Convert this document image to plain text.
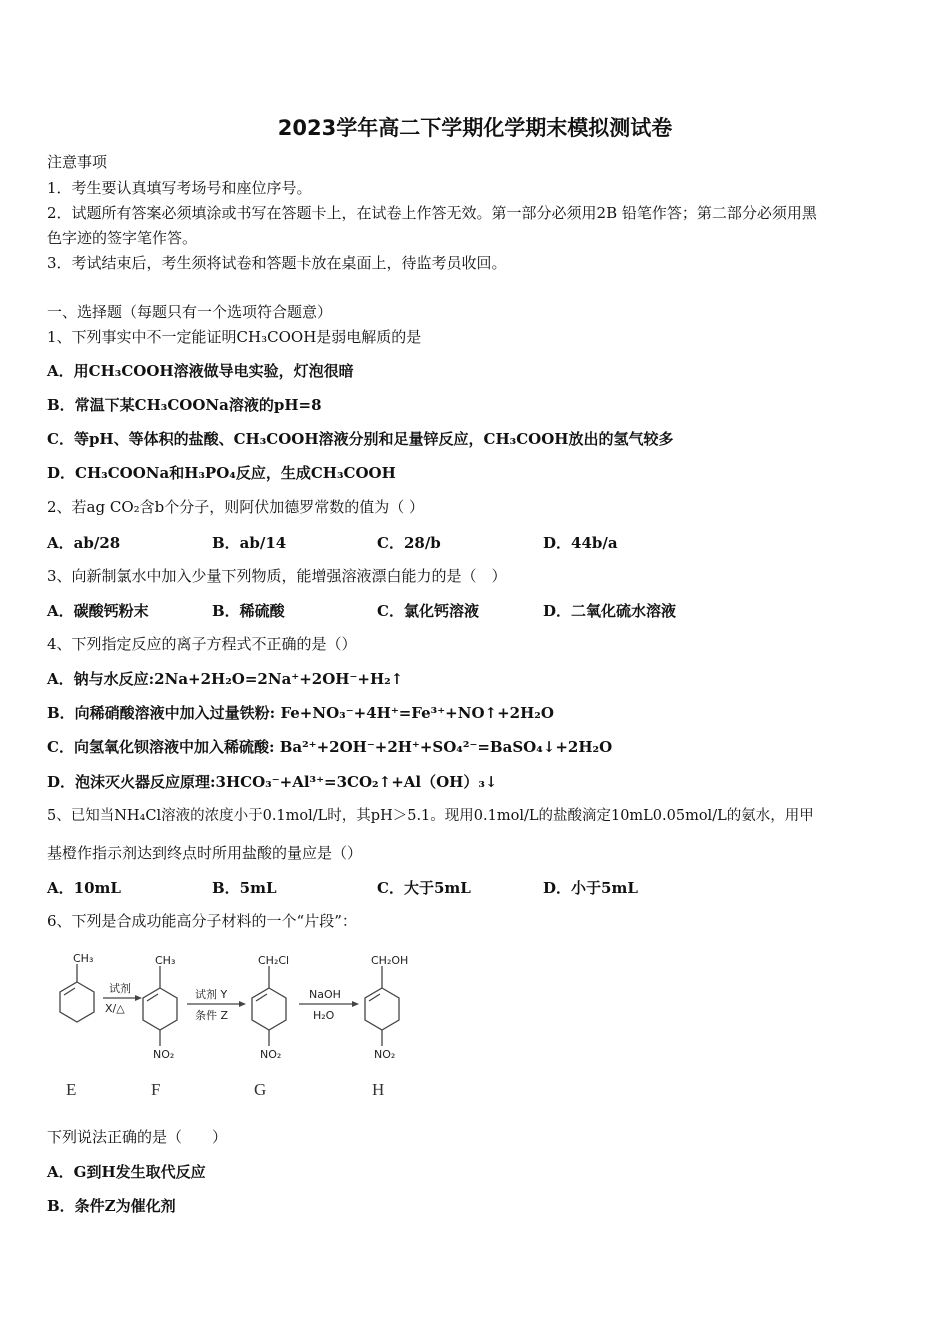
2023学年高二下学期化学期末模拟测试卷
注意事项
1．考生要认真填写考场号和座位序号。
2．试题所有答案必须填涂或书写在答题卡上，在试卷上作答无效。第一部分必须用2B 铅笔作答；第二部分必须用黑
色字迹的签字笔作答。
3．考试结束后，考生须将试卷和答题卡放在桌面上，待监考员收回。
一、选择题（每题只有一个选项符合题意）
1、下列事实中不一定能证明CH₃COOH是弱电解质的是
A．用CH₃COOH溶液做导电实验，灯泡很暗
B．常温下某CH₃COONa溶液的pH=8
C．等pH、等体积的盐酸、CH₃COOH溶液分别和足量锌反应，CH₃COOH放出的氢气较多
D．CH₃COONa和H₃PO₄反应，生成CH₃COOH
2、若ag CO₂含b个分子，则阿伏加德罗常数的值为（ ）
A．ab/28	B．ab/14	C．28/b	D．44b/a
3、向新制氯水中加入少量下列物质，能增强溶液漂白能力的是（　）
A．碳酸钙粉末	B．稀硫酸	C．氯化钙溶液	D．二氧化硫水溶液
4、下列指定反应的离子方程式不正确的是（）
A．钠与水反应:2Na+2H₂O=2Na⁺+2OH⁻+H₂↑
B．向稀硝酸溶液中加入过量铁粉: Fe+NO₃⁻+4H⁺=Fe³⁺+NO↑+2H₂O
C．向氢氧化钡溶液中加入稀硫酸: Ba²⁺+2OH⁻+2H⁺+SO₄²⁻=BaSO₄↓+2H₂O
D．泡沫灭火器反应原理:3HCO₃⁻+Al³⁺=3CO₂↑+Al（OH）₃↓
5、已知当NH₄Cl溶液的浓度小于0.1mol/L时，其pH＞5.1。现用0.1mol/L的盐酸滴定10mL0.05mol/L的氨水，用甲
基橙作指示剂达到终点时所用盐酸的量应是（）
A．10mL	B．5mL	C．大于5mL	D．小于5mL
6、下列是合成功能高分子材料的一个“片段”：
CH₃	CH₃	CH₂Cl	CH₂OH
NO₂	NO₂	NO₂
试剂
X/△
试剂 Y
条件 Z
NaOH
H₂O
E	F	G	H
下列说法正确的是（　　）
A．G到H发生取代反应
B．条件Z为催化剂
